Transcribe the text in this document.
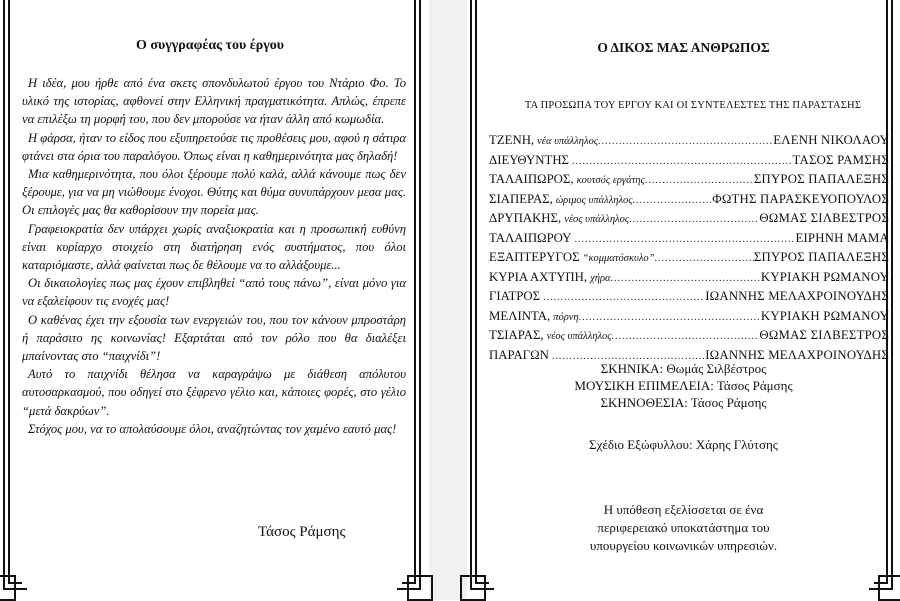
Ο συγγραφέας του έργου

Η ιδέα, μου ήρθε από ένα σκετς σπονδυλωτού έργου του Ντάριο Φο. Το υλικό της ιστορίας, αφθονεί στην Ελληνική πραγματικότητα. Απλώς, έπρεπε να επιλέξω τη μορφή του, που δεν μπορούσε να ήταν άλλη από κωμωδία.

Η φάρσα, ήταν το είδος που εξυπηρετούσε τις προθέσεις μου, αφού η σάτιρα φτάνει στα όρια του παραλόγου. Όπως είναι η καθημερινότητα μας δηλαδή!

Μια καθημερινότητα, που όλοι ξέρουμε πολύ καλά, αλλά κάνουμε πως δεν ξέρουμε, για να μη νιώθουμε ένοχοι. Θύτης και θύμα συνυπάρχουν μεσα μας. Οι επιλογές μας θα καθορίσουν την πορεία μας.

Γραφειοκρατία δεν υπάρχει χωρίς αναξιοκρατία και η προσωπική ευθύνη είναι κυρίαρχο στοιχείο στη διατήρηση ενός συστήματος, που όλοι καταριόμαστε, αλλά φαίνεται πως δε θέλουμε να το αλλάξουμε...

Οι δικαιολογίες πως μας έχουν επιβληθεί “από τους πάνω”, είναι μόνο για να εξαλείφουν τις ενοχές μας!

Ο καθένας έχει την εξουσία των ενεργειών του, που τον κάνουν μπροστάρη ή παράσιτο ης κοινωνίας! Εξαρτάται από τον ρόλο που θα διαλέξει μπαίνοντας στο “παιχνίδι”!

Αυτό το παιχνίδι θέλησα να καραγράψω με διάθεση απόλυτου αυτοσαρκασμού, που οδηγεί στο ξέφρενο γέλιο και, κάποιες φορές, στο γέλιο “μετά δακρύων”.

Στόχος μου, να το απολαύσουμε όλοι, αναζητώντας τον χαμένο εαυτό μας!

Τάσος Ράμσης
Ο ΔΙΚΟΣ ΜΑΣ ΑΝΘΡΩΠΟΣ
ΤΑ ΠΡΟΣΩΠΑ ΤΟΥ ΕΡΓΟΥ ΚΑΙ ΟΙ ΣΥΝΤΕΛΕΣΤΕΣ ΤΗΣ ΠΑΡΑΣΤΑΣΗΣ
ΤΖΕΝΗ, νέα υπάλληλος .....	ΕΛΕΝΗ ΝΙΚΟΛΑΟΥ
ΔΙΕΥΘΥΝΤΗΣ .....	ΤΑΣΟΣ ΡΑΜΣΗΣ
ΤΑΛΑΙΠΩΡΟΣ, κουτσός εργάτης .....	ΣΠΥΡΟΣ ΠΑΠΑΛΕΞΗΣ
ΣΙΑΠΕΡΑΣ, ώριμος υπάλληλος .....	ΦΩΤΗΣ ΠΑΡΑΣΚΕΥΟΠΟΥΛΟΣ
ΔΡΥΠΑΚΗΣ, νέος υπάλληλος .....	ΘΩΜΑΣ ΣΙΛΒΕΣΤΡΟΣ
ΤΑΛΑΙΠΩΡΟΥ .....	ΕΙΡΗΝΗ ΜΑΜΑ
ΕΞΑΠΤΕΡΥΓΟΣ “κομματόσκυλο” .....	ΣΠΥΡΟΣ ΠΑΠΑΛΕΞΗΣ
ΚΥΡΙΑ ΑΧΤΥΠΗ, χήρα .....	ΚΥΡΙΑΚΗ ΡΩΜΑΝΟΥ
ΓΙΑΤΡΟΣ .....	ΙΩΑΝΝΗΣ ΜΕΛΑΧΡΟΙΝΟΥΔΗΣ
ΜΕΛΙΝΤΑ, πόρνη .....	ΚΥΡΙΑΚΗ ΡΩΜΑΝΟΥ
ΤΣΙΑΡΑΣ, νέος υπάλληλος .....	ΘΩΜΑΣ ΣΙΛΒΕΣΤΡΟΣ
ΠΑΡΑΓΩΝ .....	ΙΩΑΝΝΗΣ ΜΕΛΑΧΡΟΙΝΟΥΔΗΣ
ΣΚΗΝΙΚΑ: Θωμάς Σιλβέστρος
ΜΟΥΣΙΚΗ ΕΠΙΜΕΛΕΙΑ: Τάσος Ράμσης
ΣΚΗΝΟΘΕΣΙΑ: Τάσος Ράμσης
Σχέδιο Εξώφυλλου: Χάρης Γλύτσης
Η υπόθεση εξελίσσεται σε ένα
περιφερειακό υποκατάστημα του
υπουργείου κοινωνικών υπηρεσιών.
